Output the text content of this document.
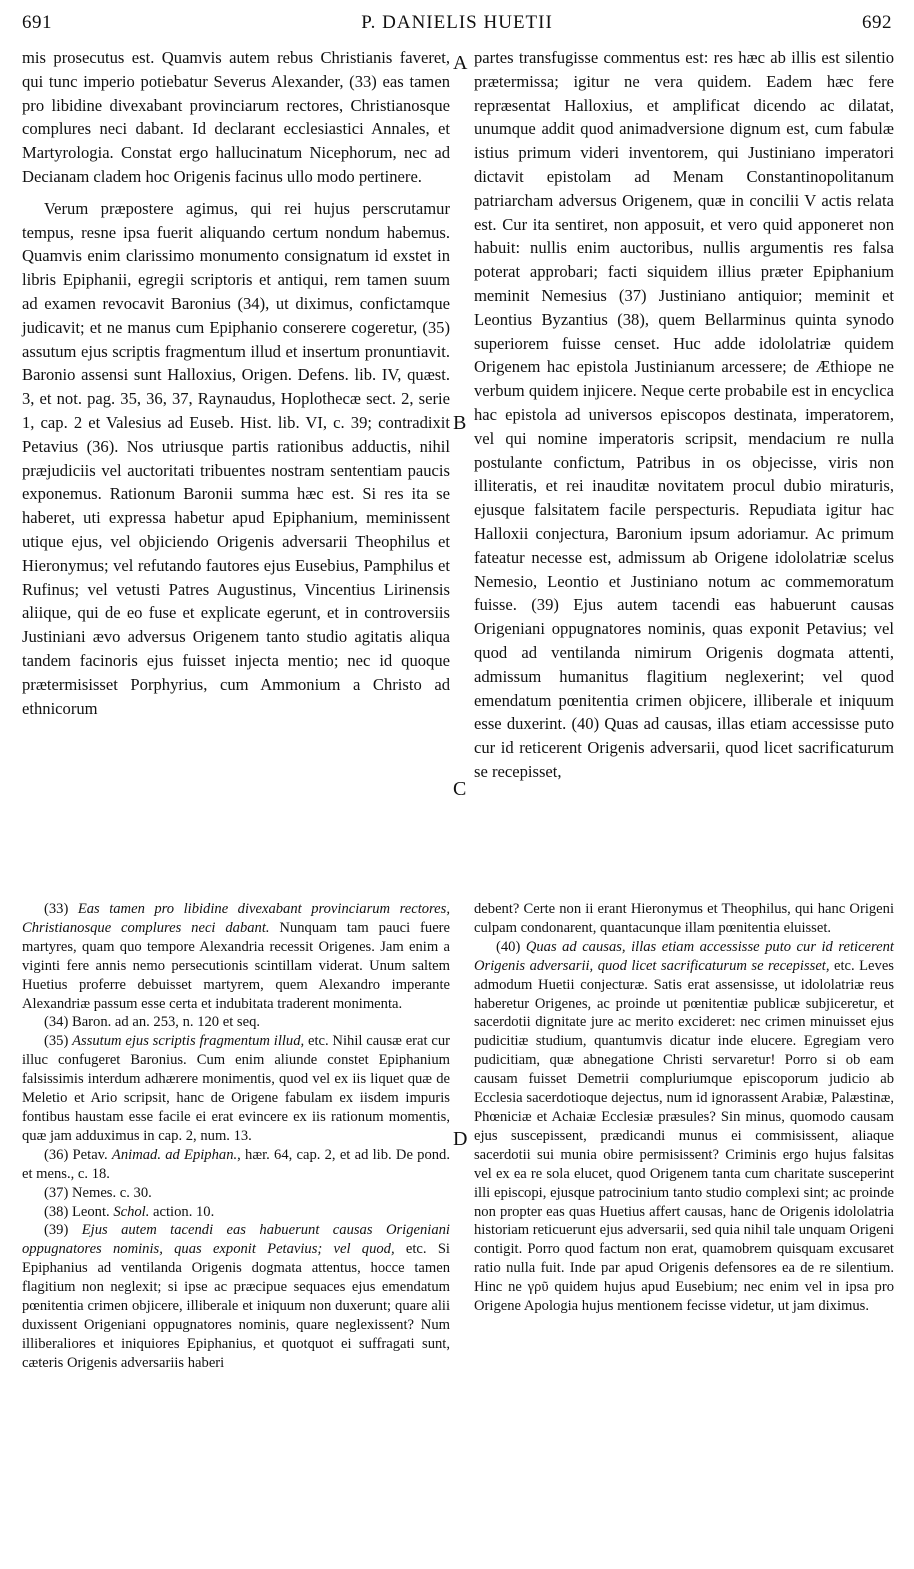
691	P. DANIELIS HUETII	692
A
B
C
D

mis prosecutus est. Quamvis autem rebus Christianis faveret, qui tunc imperio potiebatur Severus Alexander, (33) eas tamen pro libidine divexabant provinciarum rectores, Christianosque complures neci dabant. Id declarant ecclesiastici Annales, et Martyrologia. Constat ergo hallucinatum Nicephorum, nec ad Decianam cladem hoc Origenis facinus ullo modo pertinere.

Verum præpostere agimus, qui rei hujus perscrutamur tempus, resne ipsa fuerit aliquando certum nondum habemus. Quamvis enim clarissimo monumento consignatum id exstet in libris Epiphanii, egregii scriptoris et antiqui, rem tamen suum ad examen revocavit Baronius (34), ut diximus, confictamque judicavit; et ne manus cum Epiphanio conserere cogeretur, (35) assutum ejus scriptis fragmentum illud et insertum pronuntiavit. Baronio assensi sunt Halloxius, Origen. Defens. lib. IV, quæst. 3, et not. pag. 35, 36, 37, Raynaudus, Hoplothecæ sect. 2, serie 1, cap. 2 et Valesius ad Euseb. Hist. lib. VI, c. 39; contradixit Petavius (36). Nos utriusque partis rationibus adductis, nihil præjudiciis vel auctoritati tribuentes nostram sententiam paucis exponemus. Rationum Baronii summa hæc est. Si res ita se haberet, uti expressa habetur apud Epiphanium, meminissent utique ejus, vel objiciendo Origenis adversarii Theophilus et Hieronymus; vel refutando fautores ejus Eusebius, Pamphilus et Rufinus; vel vetusti Patres Augustinus, Vincentius Lirinensis aliique, qui de eo fuse et explicate egerunt, et in controversiis Justiniani ævo adversus Origenem tanto studio agitatis aliqua tandem facinoris ejus fuisset injecta mentio; nec id quoque prætermisisset Porphyrius, cum Ammonium a Christo ad ethnicorum

partes transfugisse commentus est: res hæc ab illis est silentio prætermissa; igitur ne vera quidem. Eadem hæc fere repræsentat Halloxius, et amplificat dicendo ac dilatat, unumque addit quod animadversione dignum est, cum fabulæ istius primum videri inventorem, qui Justiniano imperatori dictavit epistolam ad Menam Constantinopolitanum patriarcham adversus Origenem, quæ in concilii V actis relata est. Cur ita sentiret, non apposuit, et vero quid apponeret non habuit: nullis enim auctoribus, nullis argumentis res falsa poterat approbari; facti siquidem illius præter Epiphanium meminit Nemesius (37) Justiniano antiquior; meminit et Leontius Byzantius (38), quem Bellarminus quinta synodo superiorem fuisse censet. Huc adde idololatriæ quidem Origenem hac epistola Justinianum arcessere; de Æthiope ne verbum quidem injicere. Neque certe probabile est in encyclica hac epistola ad universos episcopos destinata, imperatorem, vel qui nomine imperatoris scripsit, mendacium re nulla postulante confictum, Patribus in os objecisse, viris non illiteratis, et rei inauditæ novitatem procul dubio miraturis, ejusque falsitatem facile perspecturis. Repudiata igitur hac Halloxii conjectura, Baronium ipsum adoriamur. Ac primum fateatur necesse est, admissum ab Origene idololatriæ scelus Nemesio, Leontio et Justiniano notum ac commemoratum fuisse. (39) Ejus autem tacendi eas habuerunt causas Origeniani oppugnatores nominis, quas exponit Petavius; vel quod ad ventilanda nimirum Origenis dogmata attenti, admissum humanitus flagitium neglexerint; vel quod emendatum pœnitentia crimen objicere, illiberale et iniquum esse duxerint. (40) Quas ad causas, illas etiam accessisse puto cur id reticerent Origenis adversarii, quod licet sacrificaturum se recepisset,

(33) Eas tamen pro libidine divexabant provinciarum rectores, Christianosque complures neci dabant. Nunquam tam pauci fuere martyres, quam quo tempore Alexandria recessit Origenes. Jam enim a viginti fere annis nemo persecutionis scintillam viderat. Unum saltem Huetius proferre debuisset martyrem, quem Alexandro imperante Alexandriæ passum esse certa et indubitata traderent monimenta.

(34) Baron. ad an. 253, n. 120 et seq.

(35) Assutum ejus scriptis fragmentum illud, etc. Nihil causæ erat cur illuc confugeret Baronius. Cum enim aliunde constet Epiphanium falsissimis interdum adhærere monimentis, quod vel ex iis liquet quæ de Meletio et Ario scripsit, hanc de Origene fabulam ex iisdem impuris fontibus haustam esse facile ei erat evincere ex iis rationum momentis, quæ jam adduximus in cap. 2, num. 13.

(36) Petav. Animad. ad Epiphan., hær. 64, cap. 2, et ad lib. De pond. et mens., c. 18.

(37) Nemes. c. 30.

(38) Leont. Schol. action. 10.

(39) Ejus autem tacendi eas habuerunt causas Origeniani oppugnatores nominis, quas exponit Petavius; vel quod, etc. Si Epiphanius ad ventilanda Origenis dogmata attentus, hocce tamen flagitium non neglexit; si ipse ac præcipue sequaces ejus emendatum pœnitentia crimen objicere, illiberale et iniquum non duxerunt; quare alii duxissent Origeniani oppugnatores nominis, quare neglexissent? Num illiberaliores et iniquiores Epiphanius, et quotquot ei suffragati sunt, cæteris Origenis adversariis haberi

debent? Certe non ii erant Hieronymus et Theophilus, qui hanc Origeni culpam condonarent, quantacunque illam pœnitentia eluisset.

(40) Quas ad causas, illas etiam accessisse puto cur id reticerent Origenis adversarii, quod licet sacrificaturum se recepisset, etc. Leves admodum Huetii conjecturæ. Satis erat assensisse, ut idololatriæ reus haberetur Origenes, ac proinde ut pœnitentiæ publicæ subjiceretur, et sacerdotii dignitate jure ac merito excideret: nec crimen minuisset ejus pudicitiæ studium, quantumvis dicatur inde elucere. Egregiam vero pudicitiam, quæ abnegatione Christi servaretur! Porro si ob eam causam fuisset Demetrii compluriumque episcoporum judicio ab Ecclesia sacerdotioque dejectus, num id ignorassent Arabiæ, Palæstinæ, Phœniciæ et Achaiæ Ecclesiæ præsules? Sin minus, quomodo causam ejus suscepissent, prædicandi munus ei commisissent, aliaque sacerdotii sui munia obire permisissent? Criminis ergo hujus falsitas vel ex ea re sola elucet, quod Origenem tanta cum charitate susceperint illi episcopi, ejusque patrocinium tanto studio complexi sint; ac proinde non propter eas quas Huetius affert causas, hanc de Origenis idololatria historiam reticuerunt ejus adversarii, sed quia nihil tale unquam Origeni contigit. Porro quod factum non erat, quamobrem quisquam excusaret ratio nulla fuit. Inde par apud Origenis defensores ea de re silentium. Hinc ne γρῦ quidem hujus apud Eusebium; nec enim vel in ipsa pro Origene Apologia hujus mentionem fecisse videtur, ut jam diximus.
